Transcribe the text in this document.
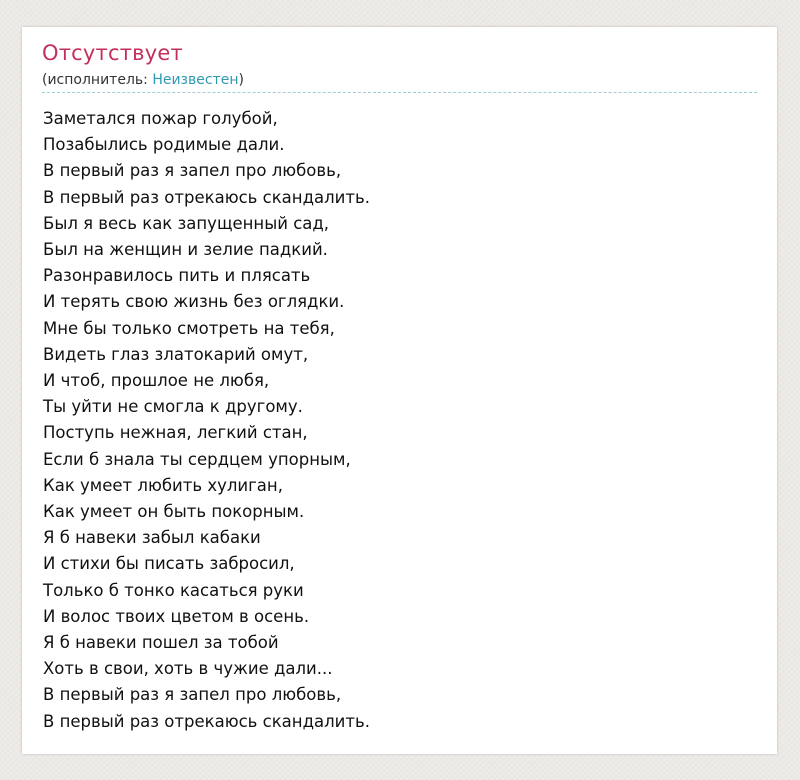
Отсутствует
(исполнитель: Неизвестен)
Заметался пожар голубой,
Позабылись родимые дали.
В первый раз я запел про любовь,
В первый раз отрекаюсь скандалить.
Был я весь как запущенный сад,
Был на женщин и зелие падкий.
Разонравилось пить и плясать
И терять свою жизнь без оглядки.
Мне бы только смотреть на тебя,
Видеть глаз златокарий омут,
И чтоб, прошлое не любя,
Ты уйти не смогла к другому.
Поступь нежная, легкий стан,
Если б знала ты сердцем упорным,
Как умеет любить хулиган,
Как умеет он быть покорным.
Я б навеки забыл кабаки
И стихи бы писать забросил,
Только б тонко касаться руки
И волос твоих цветом в осень.
Я б навеки пошел за тобой
Хоть в свои, хоть в чужие дали...
В первый раз я запел про любовь,
В первый раз отрекаюсь скандалить.
